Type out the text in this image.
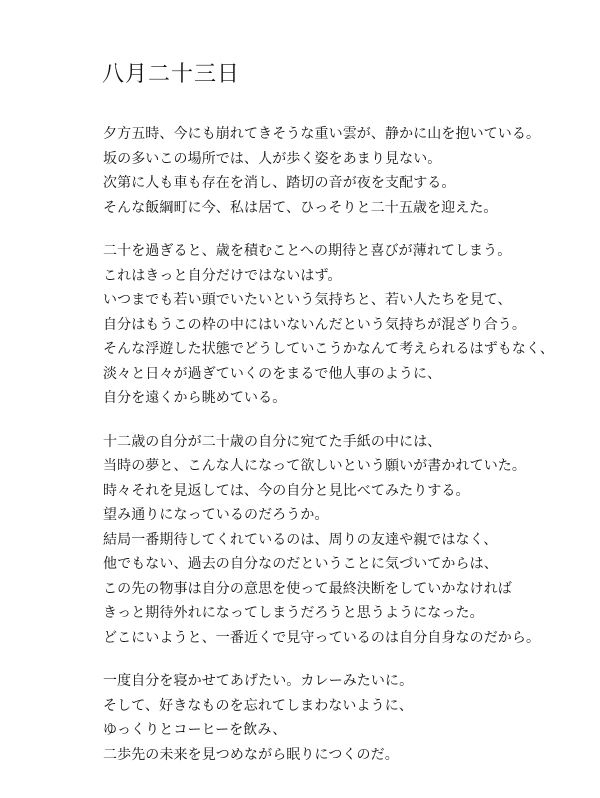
八月二十三日

夕方五時、今にも崩れてきそうな重い雲が、静かに山を抱いている。
坂の多いこの場所では、人が歩く姿をあまり見ない。
次第に人も車も存在を消し、踏切の音が夜を支配する。
そんな飯綱町に今、私は居て、ひっそりと二十五歳を迎えた。

二十を過ぎると、歳を積むことへの期待と喜びが薄れてしまう。
これはきっと自分だけではないはず。
いつまでも若い頭でいたいという気持ちと、若い人たちを見て、
自分はもうこの枠の中にはいないんだという気持ちが混ざり合う。
そんな浮遊した状態でどうしていこうかなんて考えられるはずもなく、
淡々と日々が過ぎていくのをまるで他人事のように、
自分を遠くから眺めている。

十二歳の自分が二十歳の自分に宛てた手紙の中には、
当時の夢と、こんな人になって欲しいという願いが書かれていた。
時々それを見返しては、今の自分と見比べてみたりする。
望み通りになっているのだろうか。
結局一番期待してくれているのは、周りの友達や親ではなく、
他でもない、過去の自分なのだということに気づいてからは、
この先の物事は自分の意思を使って最終決断をしていかなければ
きっと期待外れになってしまうだろうと思うようになった。
どこにいようと、一番近くで見守っているのは自分自身なのだから。

一度自分を寝かせてあげたい。カレーみたいに。
そして、好きなものを忘れてしまわないように、
ゆっくりとコーヒーを飲み、
二歩先の未来を見つめながら眠りにつくのだ。
